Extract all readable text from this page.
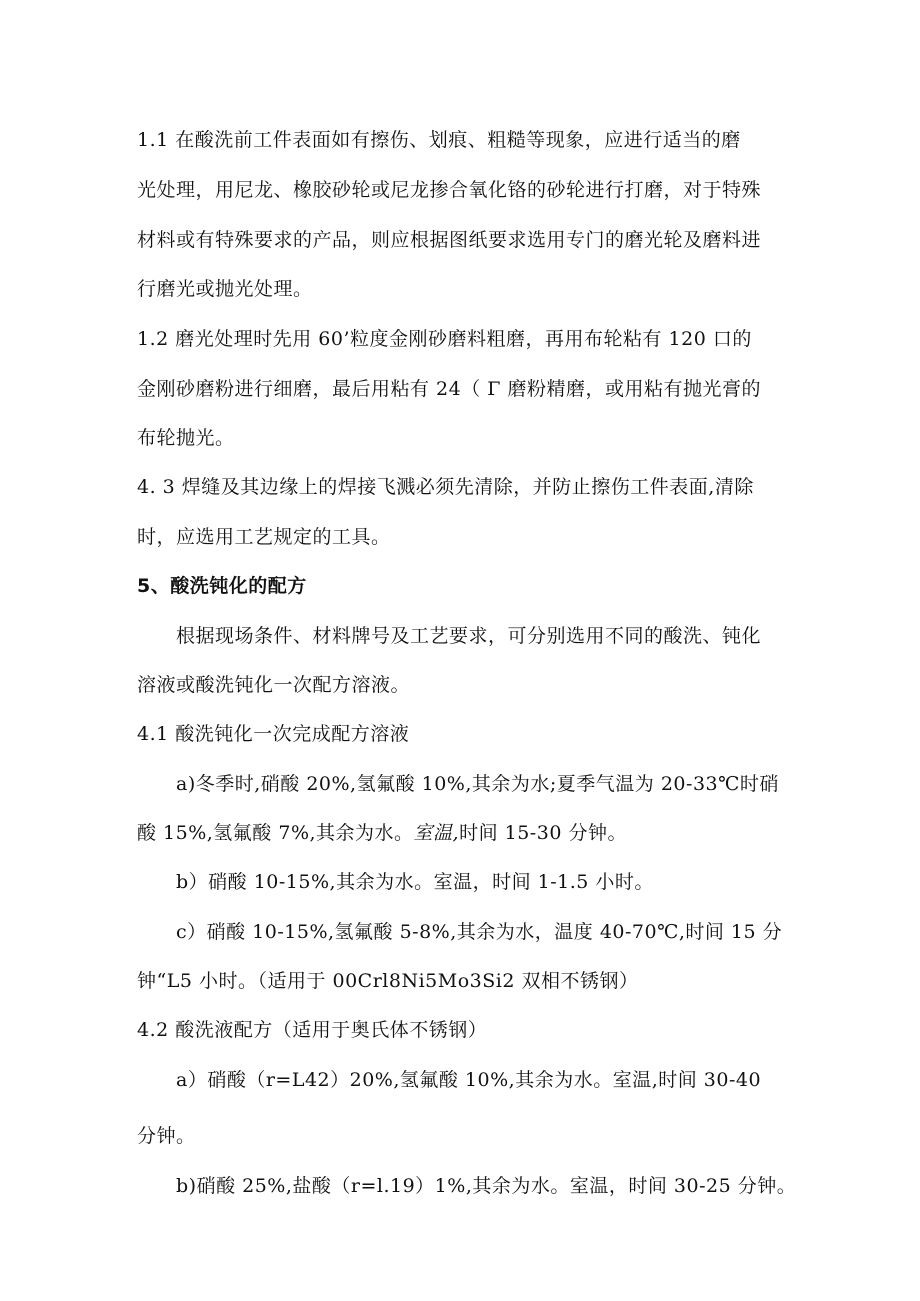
1.1 在酸洗前工件表面如有擦伤、划痕、粗糙等现象，应进行适当的磨
光处理，用尼龙、橡胶砂轮或尼龙掺合氧化铬的砂轮进行打磨，对于特殊
材料或有特殊要求的产品，则应根据图纸要求选用专门的磨光轮及磨料进
行磨光或抛光处理。
1.2 磨光处理时先用 60’粒度金刚砂磨料粗磨，再用布轮粘有 120 口的
金刚砂磨粉进行细磨，最后用粘有 24（ Γ 磨粉精磨，或用粘有抛光膏的
布轮抛光。
4. 3 焊缝及其边缘上的焊接飞溅必须先清除，并防止擦伤工件表面,清除
时，应选用工艺规定的工具。
5、酸洗钝化的配方
根据现场条件、材料牌号及工艺要求，可分别选用不同的酸洗、钝化
溶液或酸洗钝化一次配方溶液。
4.1 酸洗钝化一次完成配方溶液
a)冬季时,硝酸 20%,氢氟酸 10%,其余为水;夏季气温为 20-33℃时硝
酸 15%,氢氟酸 7%,其余为水。室温,时间 15-30 分钟。
b）硝酸 10-15%,其余为水。室温，时间 1-1.5 小时。
c）硝酸 10-15%,氢氟酸 5-8%,其余为水，温度 40-70℃,时间 15 分
钟“L5 小时。（适用于 00Crl8Ni5Mo3Si2 双相不锈钢）
4.2 酸洗液配方（适用于奥氏体不锈钢）
a）硝酸（r=L42）20%,氢氟酸 10%,其余为水。室温,时间 30-40
分钟。
b)硝酸 25%,盐酸（r=l.19）1%,其余为水。室温，时间 30-25 分钟。
